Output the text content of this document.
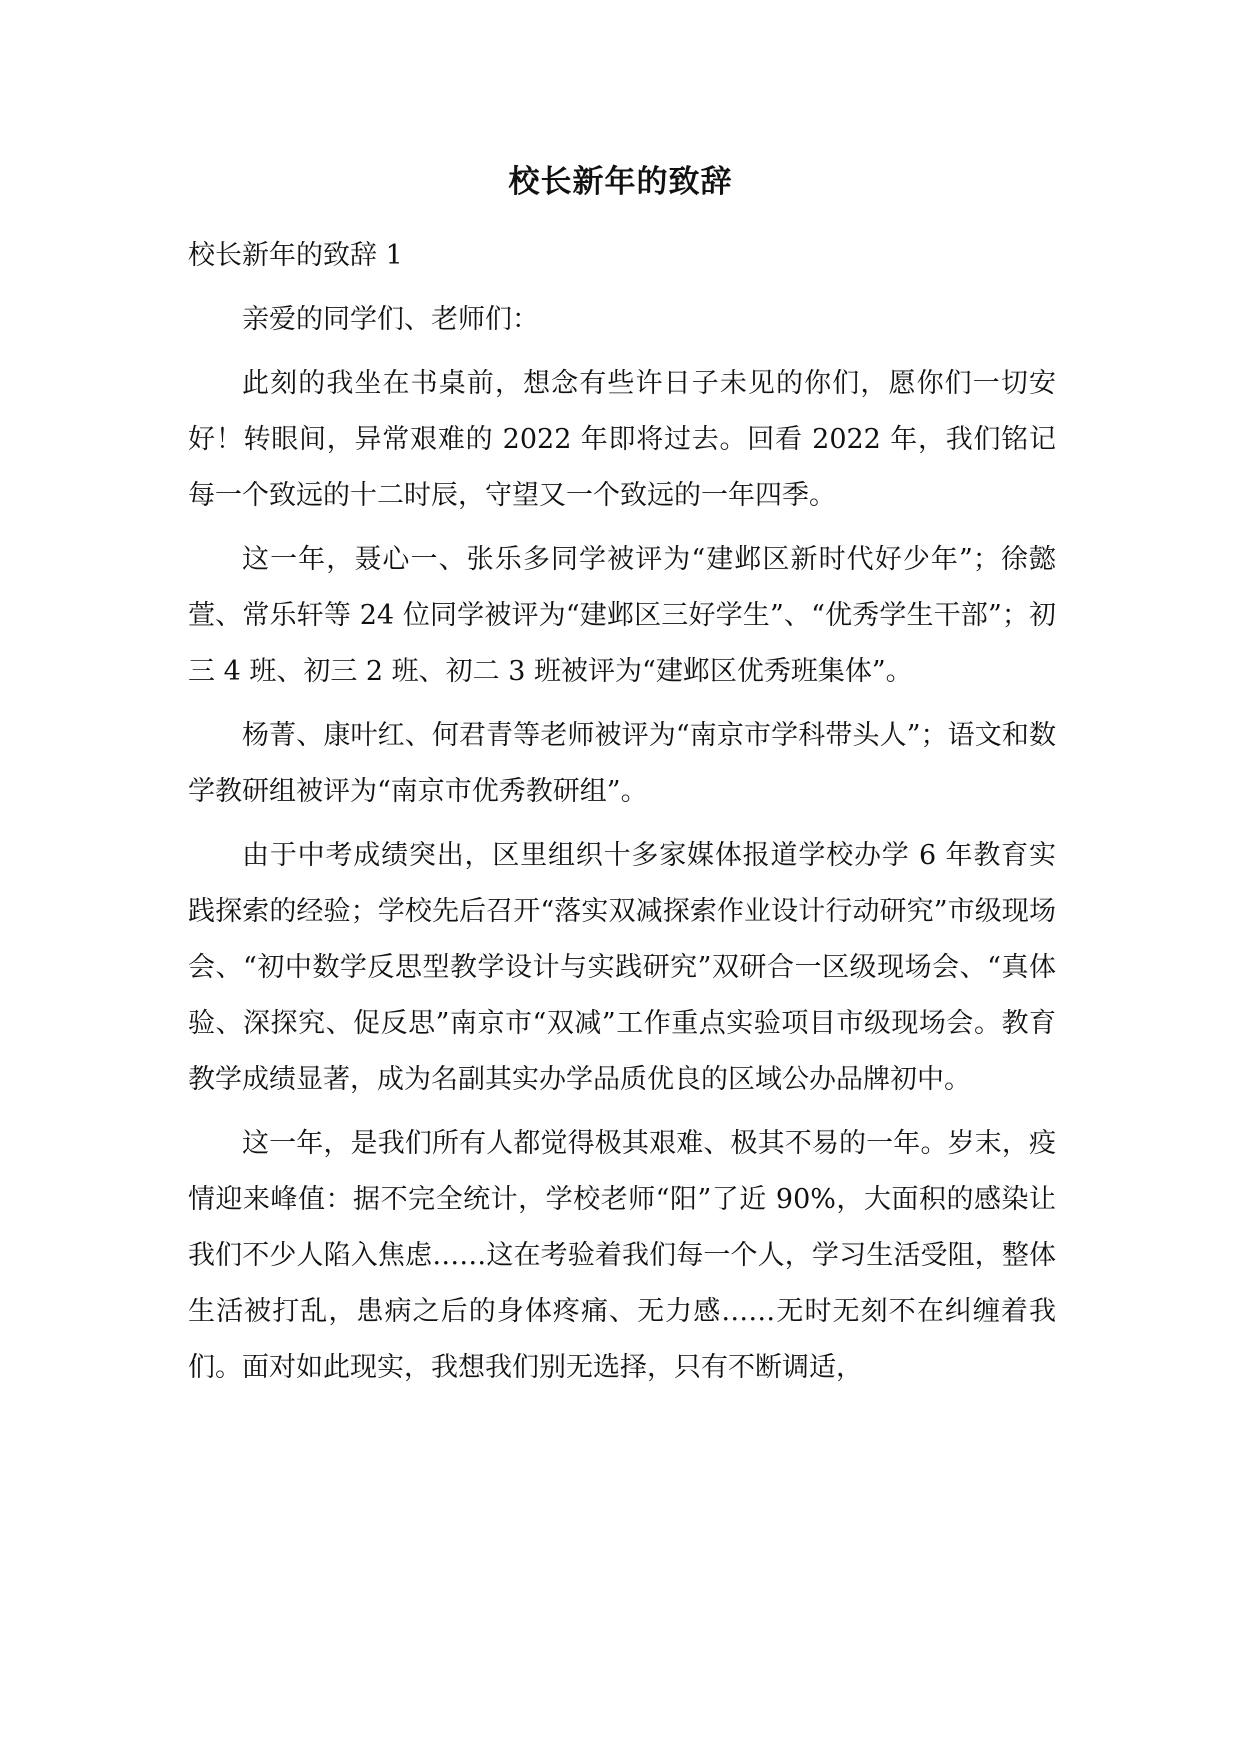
校长新年的致辞

校长新年的致辞 1

亲爱的同学们、老师们：

此刻的我坐在书桌前，想念有些许日子未见的你们，愿你们一切安好！转眼间，异常艰难的 2022 年即将过去。回看 2022 年，我们铭记每一个致远的十二时辰，守望又一个致远的一年四季。

这一年，聂心一、张乐多同学被评为“建邺区新时代好少年”；徐懿萱、常乐轩等 24 位同学被评为“建邺区三好学生”、“优秀学生干部”；初三 4 班、初三 2 班、初二 3 班被评为“建邺区优秀班集体”。

杨菁、康叶红、何君青等老师被评为“南京市学科带头人”；语文和数学教研组被评为“南京市优秀教研组”。

由于中考成绩突出，区里组织十多家媒体报道学校办学 6 年教育实践探索的经验；学校先后召开“落实双减探索作业设计行动研究”市级现场会、“初中数学反思型教学设计与实践研究”双研合一区级现场会、“真体验、深探究、促反思”南京市“双减”工作重点实验项目市级现场会。教育教学成绩显著，成为名副其实办学品质优良的区域公办品牌初中。

这一年，是我们所有人都觉得极其艰难、极其不易的一年。岁末，疫情迎来峰值：据不完全统计，学校老师“阳”了近 90%，大面积的感染让我们不少人陷入焦虑……这在考验着我们每一个人，学习生活受阻，整体生活被打乱，患病之后的身体疼痛、无力感……无时无刻不在纠缠着我们。面对如此现实，我想我们别无选择，只有不断调适，
